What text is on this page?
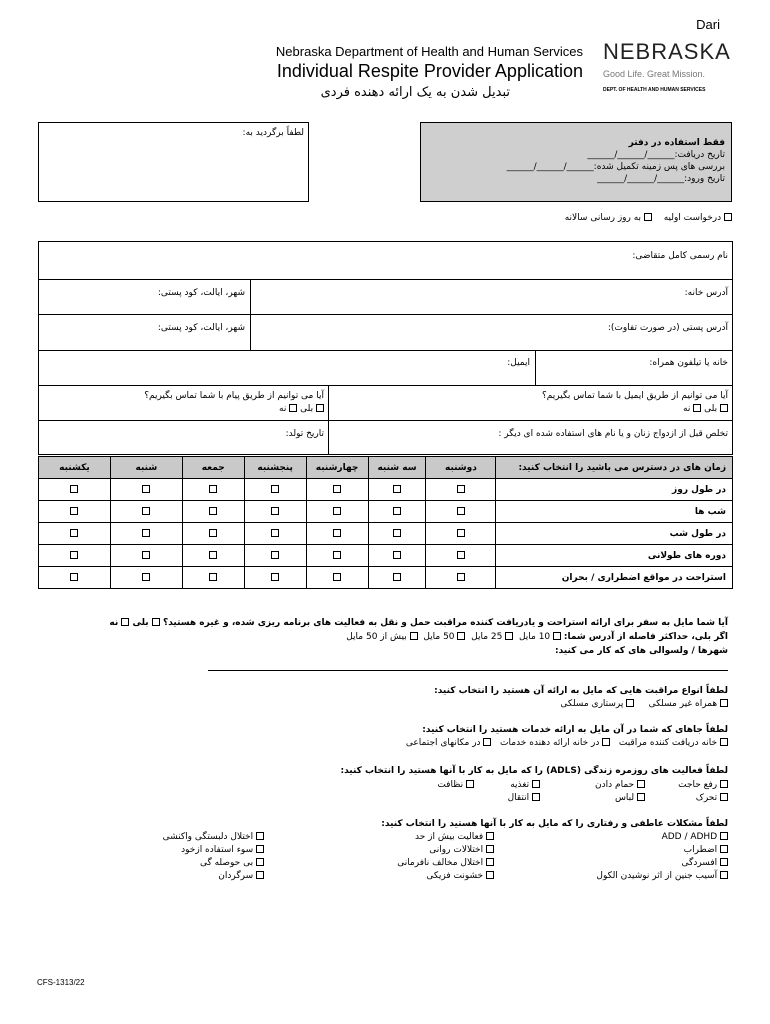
Dari
Nebraska Department of Health and Human Services
Individual Respite Provider Application
تبدیل شدن به یک ارائه دهنده فردی
NEBRASKA
Good Life. Great Mission.
DEPT. OF HEALTH AND HUMAN SERVICES
لطفاً برگردید به:
فقط استفاده در دفتر
تاریخ دریافت:______/______/______
بررسی های پس زمینه تکمیل شده:______/______/______
تاریخ ورود:______/______/______
درخواست اولیه   به روز رسانی سالانه
نام رسمی کامل متقاضی:
آدرس خانه:
شهر، ایالت، کود پستی:
آدرس پستی (در صورت تفاوت):
شهر، ایالت، کود پستی:
خانه یا تیلفون همراه:
ایمیل:
آیا می توانیم از طریق ایمیل با شما تماس بگیریم؟
بلی  نه
آیا می توانیم از طریق پیام با شما تماس بگیریم؟
بلی  نه
تخلص قبل از ازدواج زنان و یا نام های استفاده شده ای دیگر :
تاریخ تولد:
یکشنبه	شنبه	جمعه	پنجشنبه	چهارشنبه	سه شنبه	دوشنبه	زمان های در دسترس می باشید را انتخاب کنید:
							در طول روز
							شب ها
							در طول شب
							دوره های طولانی
							استراحت در مواقع اضطراری / بحران
آیا شما مایل به سفر برای ارائه استراحت و یادریافت کننده مراقبت حمل و نقل به فعالیت های برنامه ریزی شده، و غیره هستید؟  بلی  نه
اگر بلی، حداکثر فاصله از آدرس شما:  10 مایل   25 مایل   50 مایل   بیش از 50 مایل
شهرها / ولسوالی های که کار می کنید:
لطفاً انواع مراقبت هایی که مایل به ارائه آن هستید را انتخاب کنید:
همراه غیر مسلکی      پرستاری مسلکی
لطفاً جاهای که شما در آن مایل به ارائه خدمات هستید را انتخاب کنید:
خانه دریافت کننده مراقبت    در خانه ارائه دهنده خدمات    در مکانهای اجتماعی
لطفاً فعالیت های روزمره زندگی (ADLS) را که مایل به کار با آنها هستید را انتخاب کنید:
رفع حاجت
حمام دادن
تغذیه
نظافت
تحرک
لباس
انتقال
لطفاً مشکلات عاطفی و رفتاری را که مایل به کار با آنها هستید را انتخاب کنید:
ADD / ADHD
اضطراب
افسردگی
آسیب جنین از اثر نوشیدن الکول
فعالیت بیش از حد
اختلالات روانی
اختلال مخالف نافرمانی
خشونت فزیکی
اختلال دلبستگی واکنشی
سوء استفاده ازخود
بی حوصله گی
سرگردان
CFS-1313/22
